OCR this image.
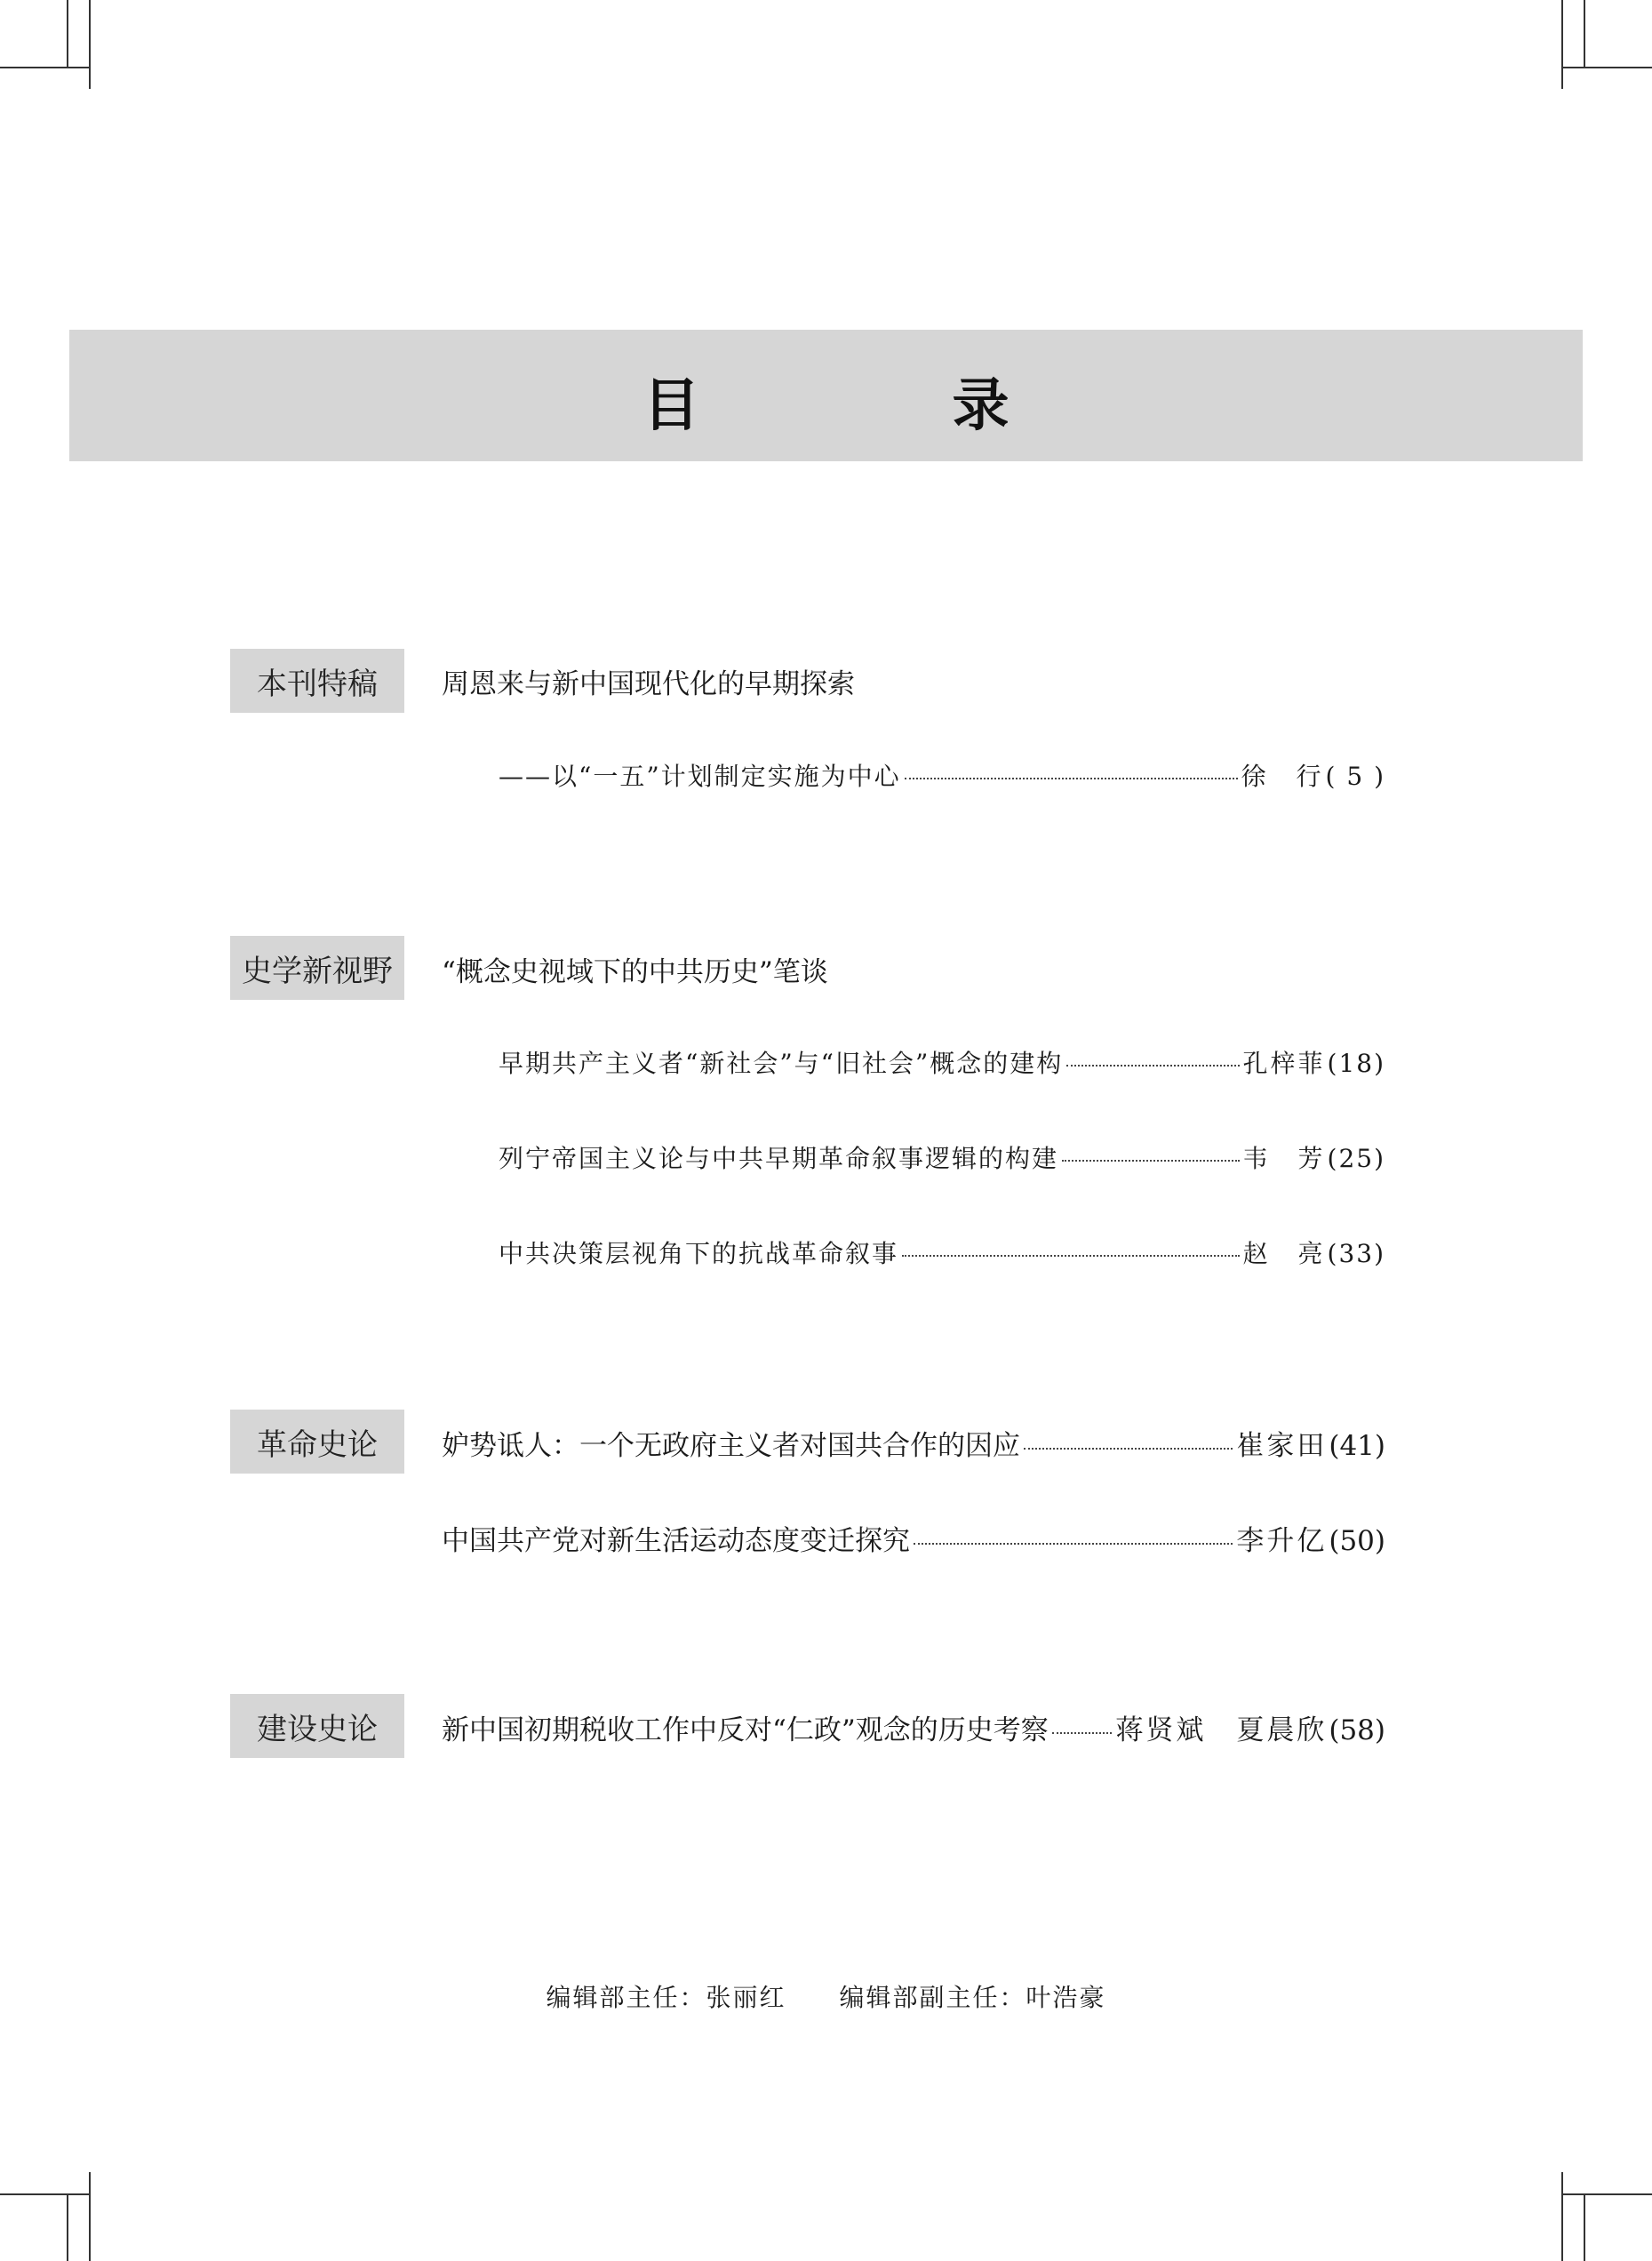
目　录
本刊特稿	周恩来与新中国现代化的早期探索
——以“一五”计划制定实施为中心	徐　行 ( 5 )
史学新视野	“概念史视域下的中共历史”笔谈
早期共产主义者“新社会”与“旧社会”概念的建构	孔梓菲 (18)
列宁帝国主义论与中共早期革命叙事逻辑的构建	韦　芳 (25)
中共决策层视角下的抗战革命叙事	赵　亮 (33)
革命史论	妒势诋人：一个无政府主义者对国共合作的因应	崔家田 (41)
中国共产党对新生活运动态度变迁探究	李升亿 (50)
建设史论	新中国初期税收工作中反对“仁政”观念的历史考察 蒋贤斌　夏晨欣 (58)
编辑部主任：张丽红 编辑部副主任：叶浩豪
